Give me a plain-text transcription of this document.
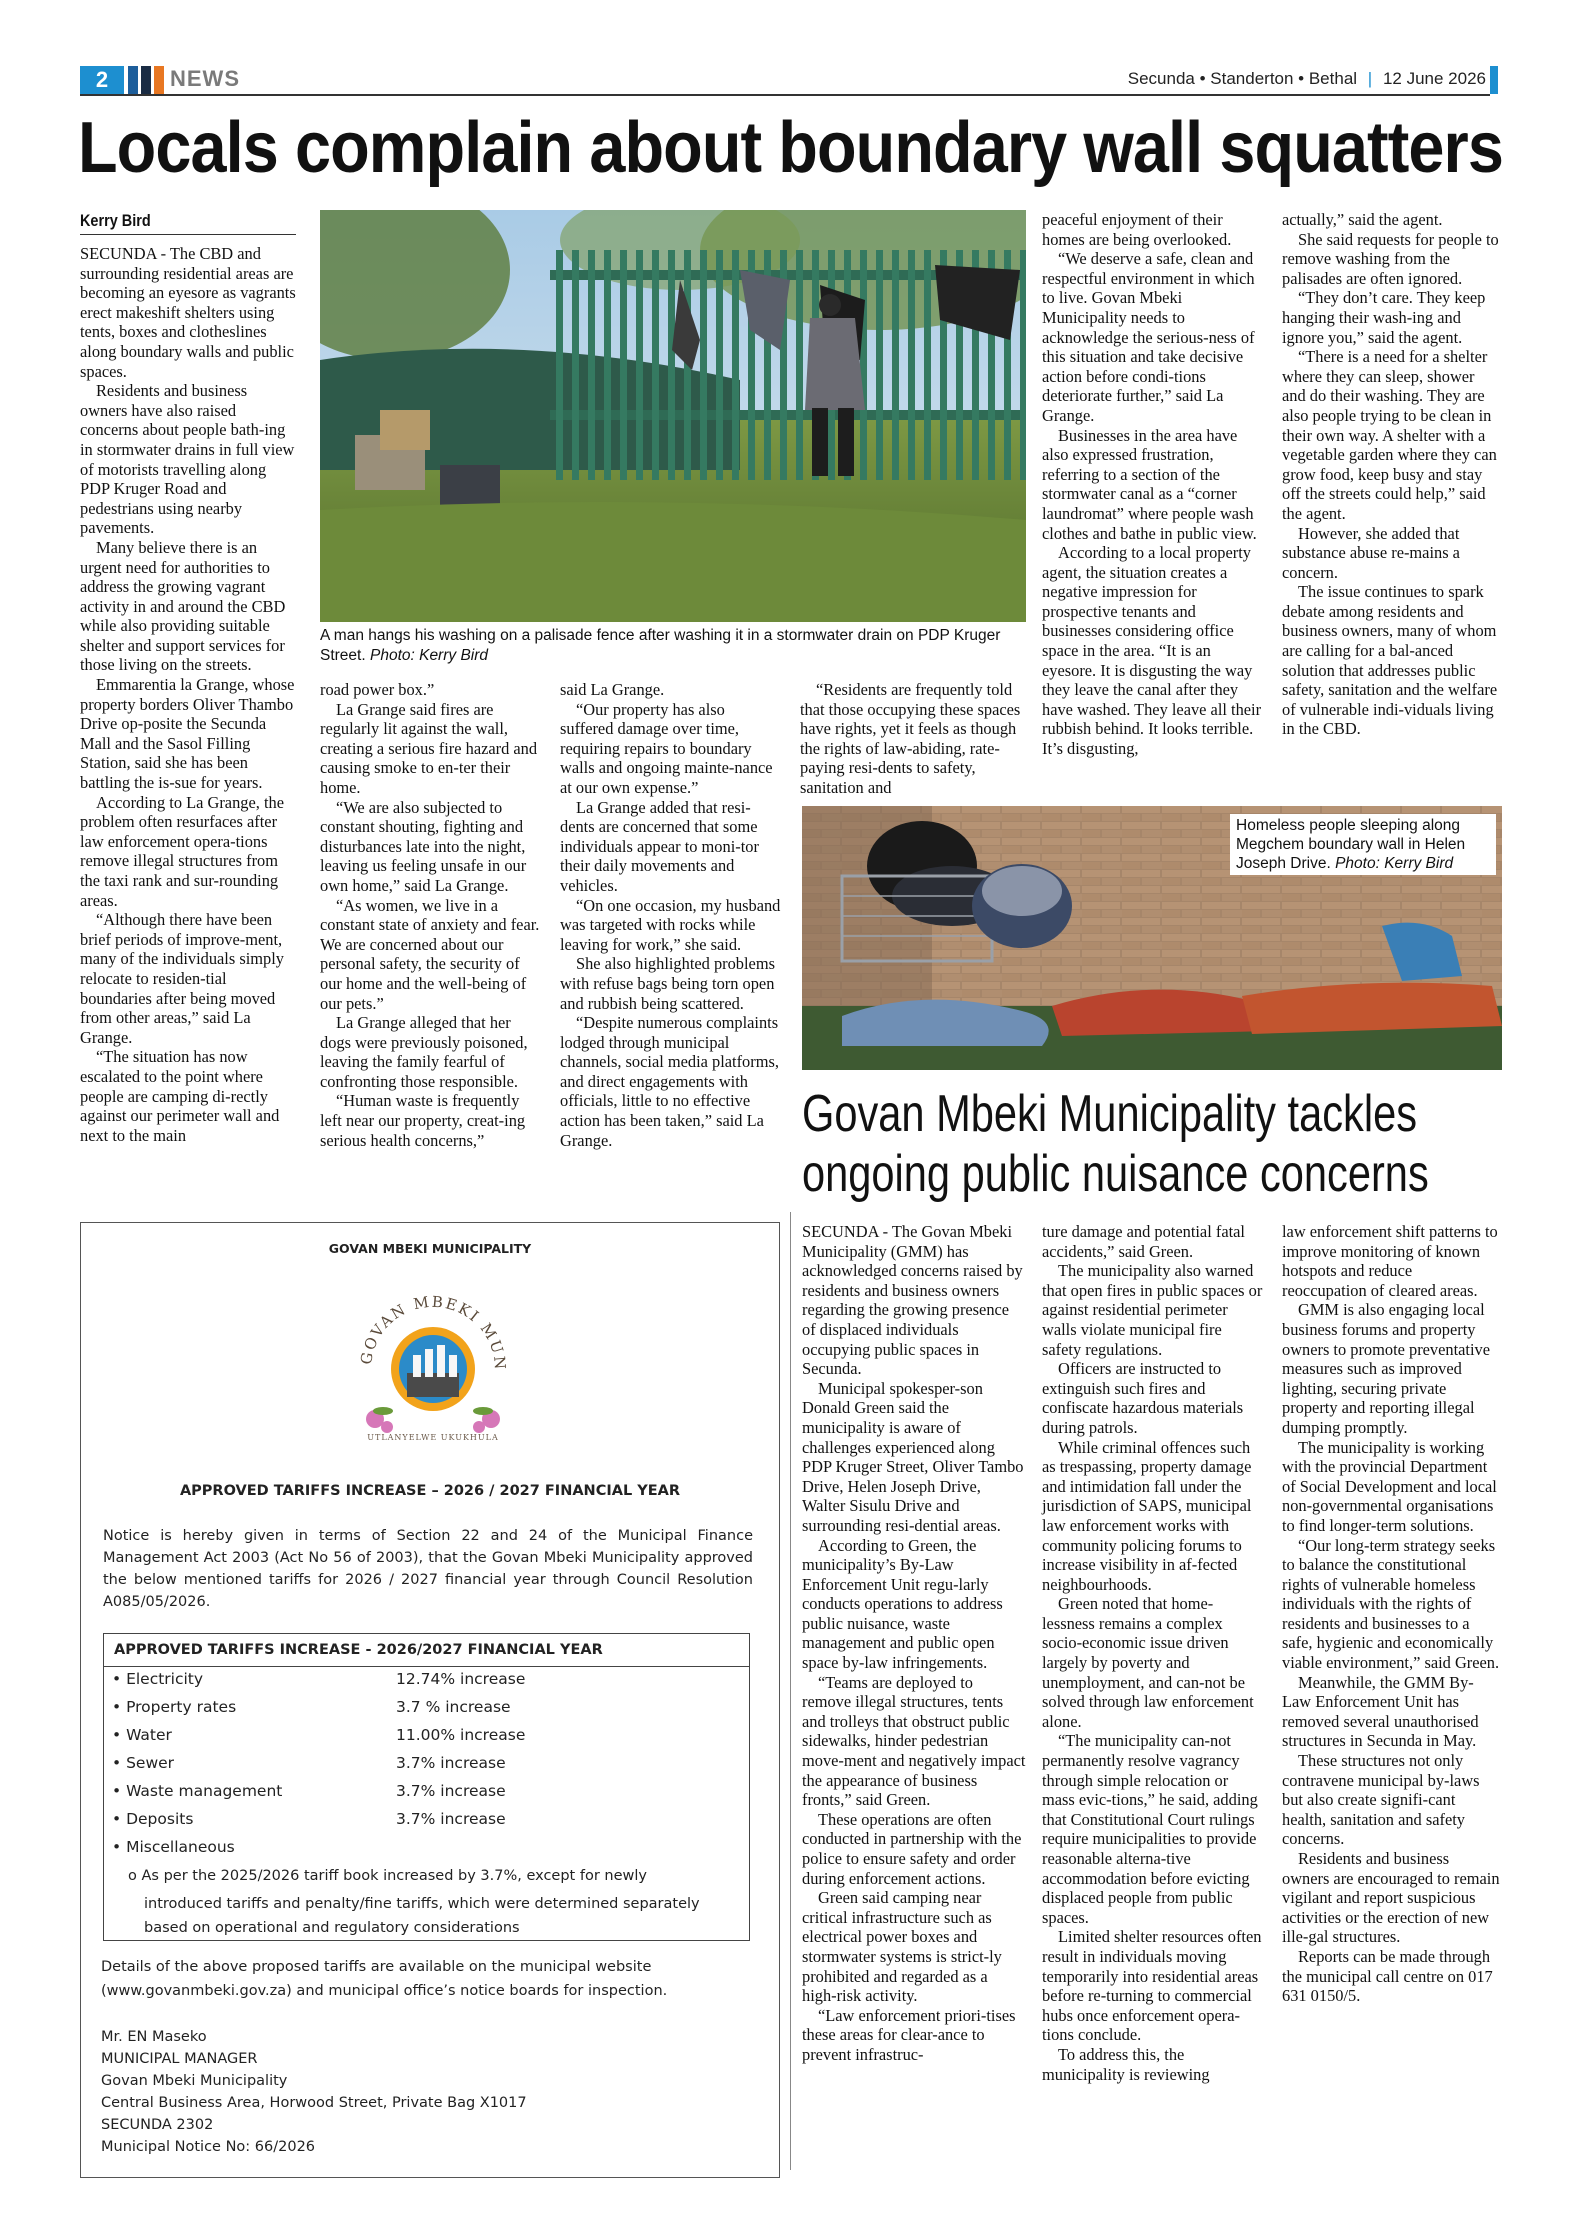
2	NEWS	Secunda • Standerton • Bethal | 12 June 2026
Locals complain about boundary wall squatters
Kerry Bird
A man hangs his washing on a palisade fence after washing it in a stormwater drain on PDP Kruger Street. Photo: Kerry Bird

SECUNDA - The CBD and surrounding residential areas are becoming an eyesore as vagrants erect makeshift shelters using tents, boxes and clotheslines along boundary walls and public spaces.

Residents and business owners have also raised concerns about people bath-ing in stormwater drains in full view of motorists travelling along PDP Kruger Road and pedestrians using nearby pavements.

Many believe there is an urgent need for authorities to address the growing vagrant activity in and around the CBD while also providing suitable shelter and support services for those living on the streets.

Emmarentia la Grange, whose property borders Oliver Thambo Drive op-posite the Secunda Mall and the Sasol Filling Station, said she has been battling the is-sue for years.

According to La Grange, the problem often resurfaces after law enforcement opera-tions remove illegal structures from the taxi rank and sur-rounding areas.

“Although there have been brief periods of improve-ment, many of the individuals simply relocate to residen-tial boundaries after being moved from other areas,” said La Grange.

“The situation has now escalated to the point where people are camping di-rectly against our perimeter wall and next to the main

road power box.”

La Grange said fires are regularly lit against the wall, creating a serious fire hazard and causing smoke to en-ter their home.

“We are also subjected to constant shouting, fighting and disturbances late into the night, leaving us feeling unsafe in our own home,” said La Grange.

“As women, we live in a constant state of anxiety and fear. We are concerned about our personal safety, the security of our home and the well-being of our pets.”

La Grange alleged that her dogs were previously poisoned, leaving the family fearful of confronting those responsible.

“Human waste is frequently left near our property, creat-ing serious health concerns,”

said La Grange.

“Our property has also suffered damage over time, requiring repairs to boundary walls and ongoing mainte-nance at our own expense.”

La Grange added that resi-dents are concerned that some individuals appear to moni-tor their daily movements and vehicles.

“On one occasion, my husband was targeted with rocks while leaving for work,” she said.

She also highlighted problems with refuse bags being torn open and rubbish being scattered.

“Despite numerous complaints lodged through municipal channels, social media platforms, and direct engagements with officials, little to no effective action has been taken,” said La Grange.

“Residents are frequently told that those occupying these spaces have rights, yet it feels as though the rights of law-abiding, rate-paying resi-dents to safety, sanitation and

peaceful enjoyment of their homes are being overlooked.

“We deserve a safe, clean and respectful environment in which to live. Govan Mbeki Municipality needs to acknowledge the serious-ness of this situation and take decisive action before condi-tions deteriorate further,” said La Grange.

Businesses in the area have also expressed frustration, referring to a section of the stormwater canal as a “corner laundromat” where people wash clothes and bathe in public view.

According to a local property agent, the situation creates a negative impression for prospective tenants and businesses considering office space in the area. “It is an eyesore. It is disgusting the way they leave the canal after they have washed. They leave all their rubbish behind. It looks terrible. It’s disgusting,

actually,” said the agent.

She said requests for people to remove washing from the palisades are often ignored.

“They don’t care. They keep hanging their wash-ing and ignore you,” said the agent.

“There is a need for a shelter where they can sleep, shower and do their washing. They are also people trying to be clean in their own way. A shelter with a vegetable garden where they can grow food, keep busy and stay off the streets could help,” said the agent.

However, she added that substance abuse re-mains a concern.

The issue continues to spark debate among residents and business owners, many of whom are calling for a bal-anced solution that addresses public safety, sanitation and the welfare of vulnerable indi-viduals living in the CBD.

Homeless people sleeping along Megchem boundary wall in Helen Joseph Drive. Photo: Kerry Bird
Govan Mbeki Municipality tackles
ongoing public nuisance concerns

SECUNDA - The Govan Mbeki Municipality (GMM) has acknowledged concerns raised by residents and business owners regarding the growing presence of displaced individuals occupying public spaces in Secunda.

Municipal spokesper-son Donald Green said the municipality is aware of challenges experienced along PDP Kruger Street, Oliver Tambo Drive, Helen Joseph Drive, Walter Sisulu Drive and surrounding resi-dential areas.

According to Green, the municipality’s By-Law Enforcement Unit regu-larly conducts operations to address public nuisance, waste management and public open space by-law infringements.

“Teams are deployed to remove illegal structures, tents and trolleys that obstruct public sidewalks, hinder pedestrian move-ment and negatively impact the appearance of business fronts,” said Green.

These operations are often conducted in partnership with the police to ensure safety and order during enforcement actions.

Green said camping near critical infrastructure such as electrical power boxes and stormwater systems is strict-ly prohibited and regarded as a high-risk activity.

“Law enforcement priori-tises these areas for clear-ance to prevent infrastruc-

ture damage and potential fatal accidents,” said Green.

The municipality also warned that open fires in public spaces or against residential perimeter walls violate municipal fire safety regulations.

Officers are instructed to extinguish such fires and confiscate hazardous materials during patrols.

While criminal offences such as trespassing, property damage and intimidation fall under the jurisdiction of SAPS, municipal law enforcement works with community policing forums to increase visibility in af-fected neighbourhoods.

Green noted that home-lessness remains a complex socio-economic issue driven largely by poverty and unemployment, and can-not be solved through law enforcement alone.

“The municipality can-not permanently resolve vagrancy through simple relocation or mass evic-tions,” he said, adding that Constitutional Court rulings require municipalities to provide reasonable alterna-tive accommodation before evicting displaced people from public spaces.

Limited shelter resources often result in individuals moving temporarily into residential areas before re-turning to commercial hubs once enforcement opera-tions conclude.

To address this, the municipality is reviewing

law enforcement shift patterns to improve monitoring of known hotspots and reduce reoccupation of cleared areas.

GMM is also engaging local business forums and property owners to promote preventative measures such as improved lighting, securing private property and reporting illegal dumping promptly.

The municipality is working with the provincial Department of Social Development and local non-governmental organisations to find longer-term solutions.

“Our long-term strategy seeks to balance the constitutional rights of vulnerable homeless individuals with the rights of residents and businesses to a safe, hygienic and economically viable environment,” said Green.

Meanwhile, the GMM By-Law Enforcement Unit has removed several unauthorised structures in Secunda in May.

These structures not only contravene municipal by-laws but also create signifi-cant health, sanitation and safety concerns.

Residents and business owners are encouraged to remain vigilant and report suspicious activities or the erection of new ille-gal structures.

Reports can be made through the municipal call centre on 017 631 0150/5.

GOVAN MBEKI MUNICIPALITY
GOVAN MBEKI MUN
UTLANYELWE UKUKHULA
APPROVED TARIFFS INCREASE – 2026 / 2027 FINANCIAL YEAR
Notice is hereby given in terms of Section 22 and 24 of the Municipal Finance Management Act 2003 (Act No 56 of 2003), that the Govan Mbeki Municipality approved the below mentioned tariffs for 2026 / 2027 financial year through Council Resolution A085/05/2026.
APPROVED TARIFFS INCREASE - 2026/2027 FINANCIAL YEAR
• Electricity	12.74% increase
• Property rates	3.7 % increase
• Water	11.00% increase
• Sewer	3.7% increase
• Waste management	3.7% increase
• Deposits	3.7% increase
• Miscellaneous
o As per the 2025/2026 tariff book increased by 3.7%, except for newly
introduced tariffs and penalty/fine tariffs, which were determined separately
based on operational and regulatory considerations
Details of the above proposed tariffs are available on the municipal website
(www.govanmbeki.gov.za) and municipal office’s notice boards for inspection.
Mr. EN Maseko
MUNICIPAL MANAGER
Govan Mbeki Municipality
Central Business Area, Horwood Street, Private Bag X1017
SECUNDA 2302
Municipal Notice No: 66/2026
